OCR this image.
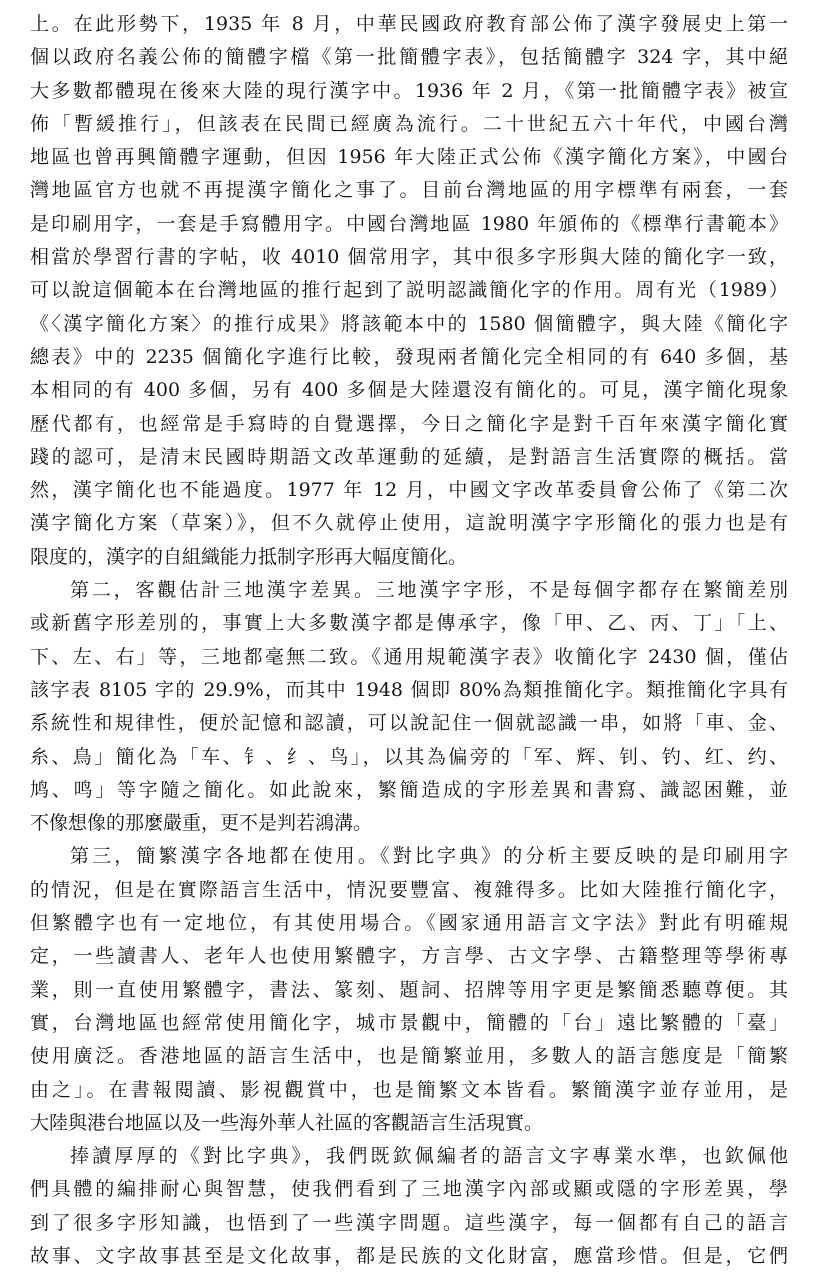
上。在此形勢下，1935 年 8 月，中華民國政府教育部公佈了漢字發展史上第一
個以政府名義公佈的簡體字檔《第一批簡體字表》，包括簡體字 324 字，其中絕
大多數都體現在後來大陸的現行漢字中。1936 年 2 月，《第一批簡體字表》被宣
佈「暫緩推行」，但該表在民間已經廣為流行。二十世紀五六十年代，中國台灣
地區也曾再興簡體字運動，但因 1956 年大陸正式公佈《漢字簡化方案》，中國台
灣地區官方也就不再提漢字簡化之事了。目前台灣地區的用字標準有兩套，一套
是印刷用字，一套是手寫體用字。中國台灣地區 1980 年頒佈的《標準行書範本》
相當於學習行書的字帖，收 4010 個常用字，其中很多字形與大陸的簡化字一致，
可以說這個範本在台灣地區的推行起到了説明認識簡化字的作用。周有光（1989）
《〈漢字簡化方案〉的推行成果》將該範本中的 1580 個簡體字，與大陸《簡化字
總表》中的 2235 個簡化字進行比較，發現兩者簡化完全相同的有 640 多個，基
本相同的有 400 多個，另有 400 多個是大陸還沒有簡化的。可見，漢字簡化現象
歷代都有，也經常是手寫時的自覺選擇，今日之簡化字是對千百年來漢字簡化實
踐的認可，是清末民國時期語文改革運動的延續，是對語言生活實際的概括。當
然，漢字簡化也不能過度。1977 年 12 月，中國文字改革委員會公佈了《第二次
漢字簡化方案（草案）》，但不久就停止使用，這說明漢字字形簡化的張力也是有
限度的，漢字的自組織能力抵制字形再大幅度簡化。
第二，客觀估計三地漢字差異。三地漢字字形，不是每個字都存在繁簡差別
或新舊字形差別的，事實上大多數漢字都是傳承字，像「甲、乙、丙、丁」「上、
下、左、右」等，三地都毫無二致。《通用規範漢字表》收簡化字 2430 個，僅佔
該字表 8105 字的 29.9%，而其中 1948 個即 80%為類推簡化字。類推簡化字具有
系統性和規律性，便於記憶和認讀，可以說記住一個就認識一串，如將「車、金、
糸、鳥」簡化為「车、钅、纟、鸟」，以其為偏旁的「军、辉、钊、钓、红、约、
鸠、鸣」等字隨之簡化。如此說來，繁簡造成的字形差異和書寫、識認困難，並
不像想像的那麼嚴重，更不是判若鴻溝。
第三，簡繁漢字各地都在使用。《對比字典》的分析主要反映的是印刷用字
的情況，但是在實際語言生活中，情況要豐富、複雜得多。比如大陸推行簡化字，
但繁體字也有一定地位，有其使用場合。《國家通用語言文字法》對此有明確規
定，一些讀書人、老年人也使用繁體字，方言學、古文字學、古籍整理等學術專
業，則一直使用繁體字，書法、篆刻、題詞、招牌等用字更是繁簡悉聽尊便。其
實，台灣地區也經常使用簡化字，城市景觀中，簡體的「台」遠比繁體的「臺」
使用廣泛。香港地區的語言生活中，也是簡繁並用，多數人的語言態度是「簡繁
由之」。在書報閱讀、影視觀賞中，也是簡繁文本皆看。繁簡漢字並存並用，是
大陸與港台地區以及一些海外華人社區的客觀語言生活現實。
捧讀厚厚的《對比字典》，我們既欽佩編者的語言文字專業水準，也欽佩他
們具體的編排耐心與智慧，使我們看到了三地漢字內部或顯或隱的字形差異，學
到了很多字形知識，也悟到了一些漢字問題。這些漢字，每一個都有自己的語言
故事、文字故事甚至是文化故事，都是民族的文化財富，應當珍惜。但是，它們
